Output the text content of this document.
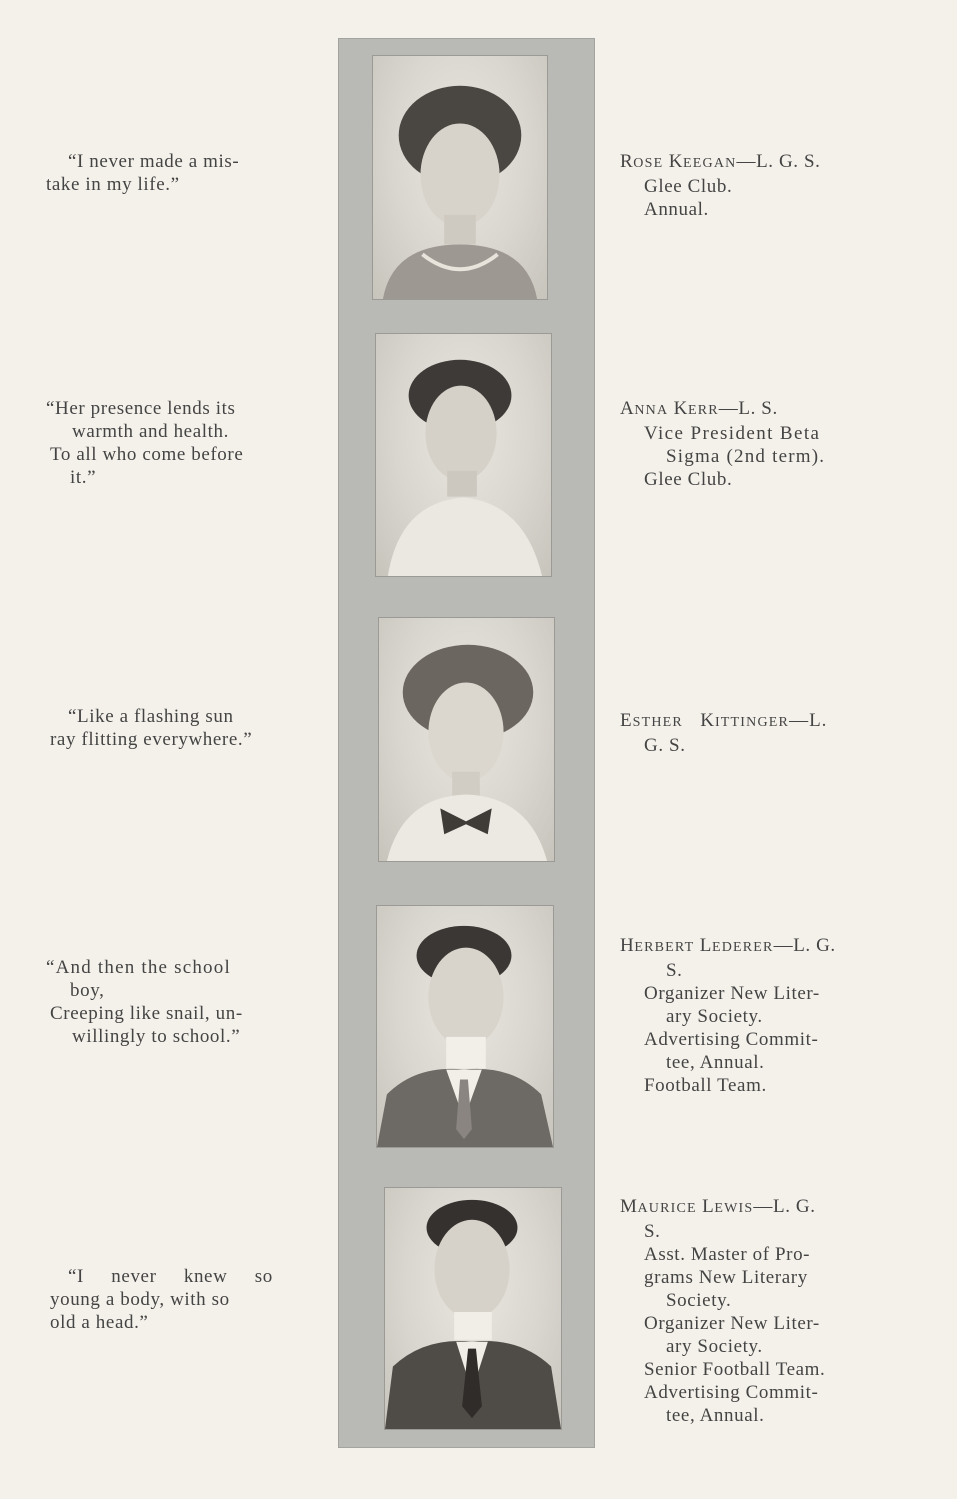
“I never made a mis-
take in my life.”
ROSE KEEGAN—L. G. S.
Glee Club.
Annual.
“Her presence lends its
warmth and health.
To all who come before
it.”
ANNA KERR—L. S.
Vice President Beta
Sigma (2nd term).
Glee Club.
“Like a flashing sun
ray flitting everywhere.”
ESTHER KITTINGER—L.
G. S.
“And then the school
boy,
Creeping like snail, un-
willingly to school.”
HERBERT LEDERER—L. G.
S.
Organizer New Liter-
ary Society.
Advertising Commit-
tee, Annual.
Football Team.
“I never knew so
young a body, with so
old a head.”
MAURICE LEWIS—L. G.
S.
Asst. Master of Pro-
grams New Literary
Society.
Organizer New Liter-
ary Society.
Senior Football Team.
Advertising Commit-
tee, Annual.
